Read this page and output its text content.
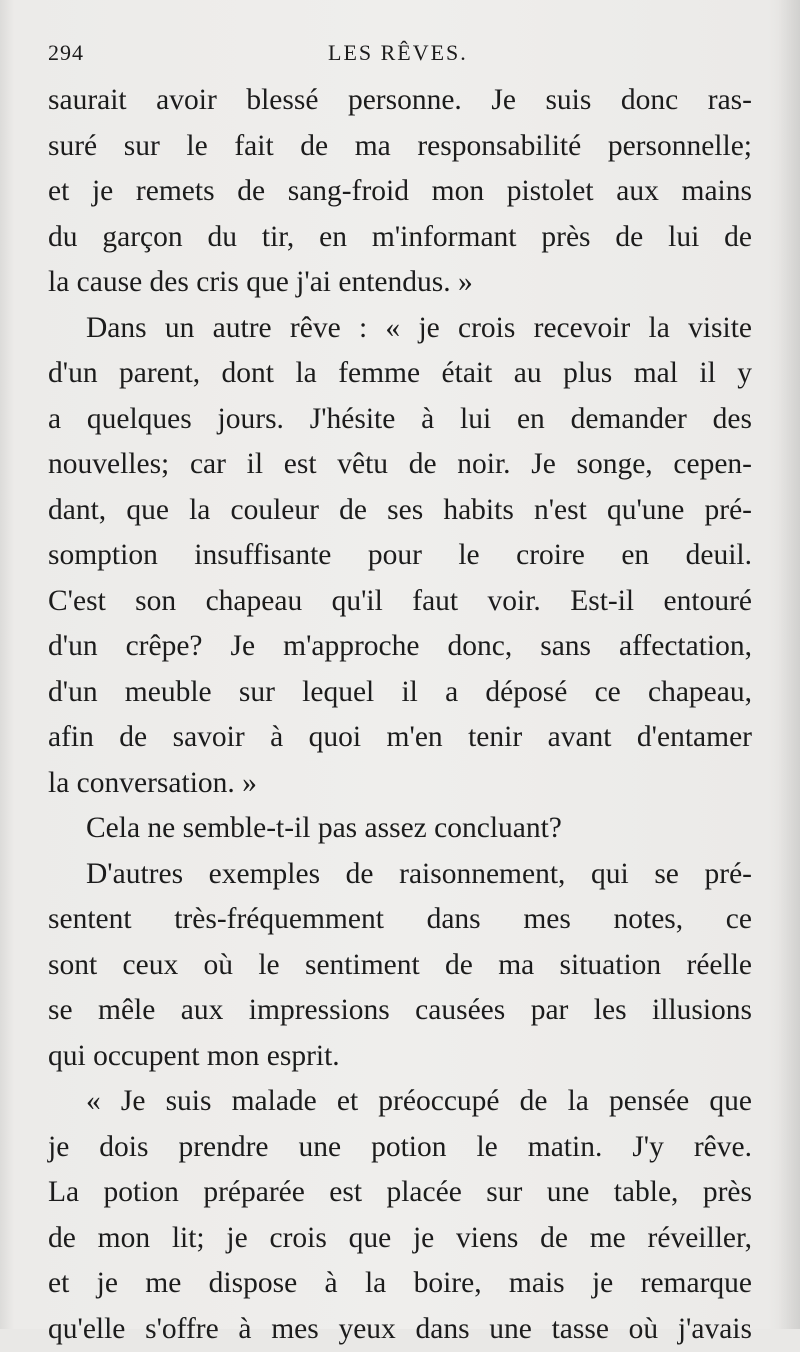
294	LES RÊVES.
saurait avoir blessé personne. Je suis donc ras-
suré sur le fait de ma responsabilité personnelle;
et je remets de sang-froid mon pistolet aux mains
du garçon du tir, en m'informant près de lui de
la cause des cris que j'ai entendus. »
Dans un autre rêve : « je crois recevoir la visite
d'un parent, dont la femme était au plus mal il y
a quelques jours. J'hésite à lui en demander des
nouvelles; car il est vêtu de noir. Je songe, cepen-
dant, que la couleur de ses habits n'est qu'une pré-
somption insuffisante pour le croire en deuil.
C'est son chapeau qu'il faut voir. Est-il entouré
d'un crêpe? Je m'approche donc, sans affectation,
d'un meuble sur lequel il a déposé ce chapeau,
afin de savoir à quoi m'en tenir avant d'entamer
la conversation. »
Cela ne semble-t-il pas assez concluant?
D'autres exemples de raisonnement, qui se pré-
sentent très-fréquemment dans mes notes, ce
sont ceux où le sentiment de ma situation réelle
se mêle aux impressions causées par les illusions
qui occupent mon esprit.
« Je suis malade et préoccupé de la pensée que
je dois prendre une potion le matin. J'y rêve.
La potion préparée est placée sur une table, près
de mon lit; je crois que je viens de me réveiller,
et je me dispose à la boire, mais je remarque
qu'elle s'offre à mes yeux dans une tasse où j'avais
